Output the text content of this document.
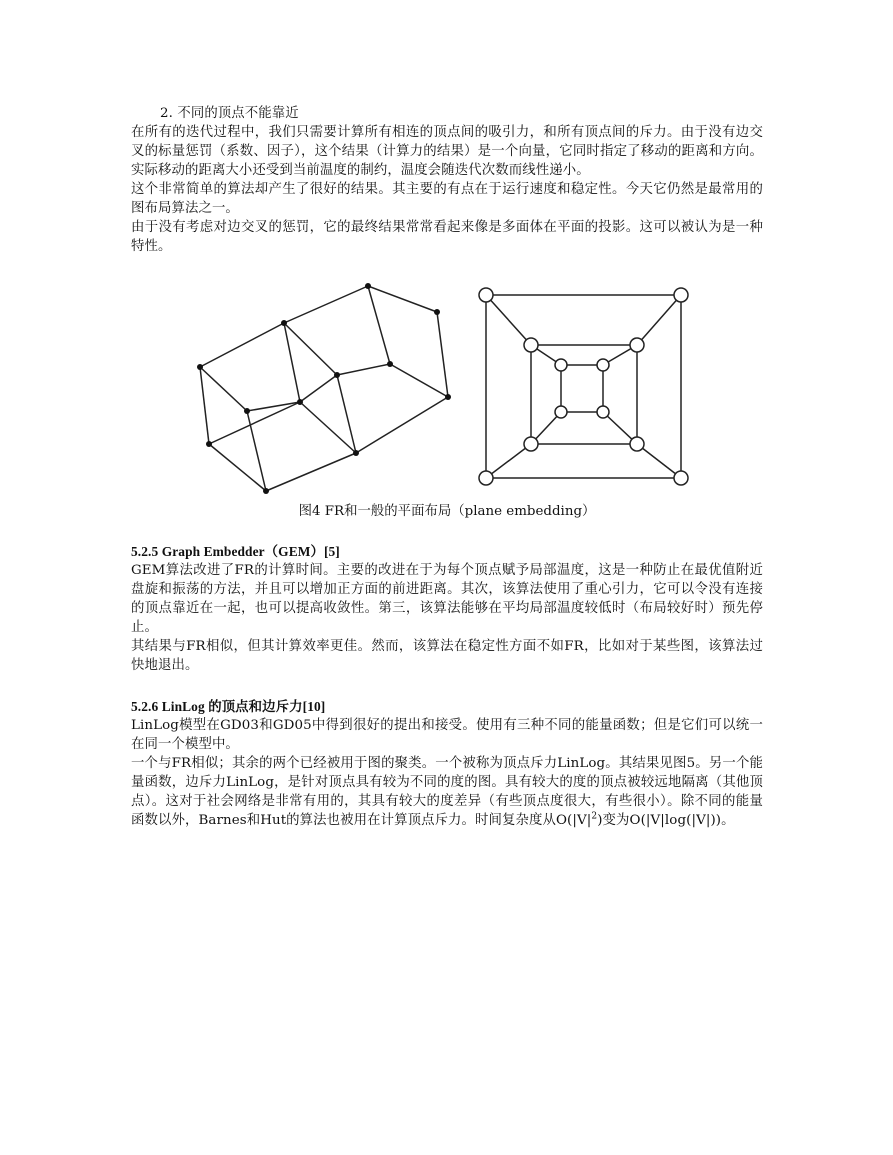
2. 不同的顶点不能靠近

在所有的迭代过程中，我们只需要计算所有相连的顶点间的吸引力，和所有顶点间的斥力。由于没有边交叉的标量惩罚（系数、因子），这个结果（计算力的结果）是一个向量，它同时指定了移动的距离和方向。实际移动的距离大小还受到当前温度的制约，温度会随迭代次数而线性递小。

这个非常简单的算法却产生了很好的结果。其主要的有点在于运行速度和稳定性。今天它仍然是最常用的图布局算法之一。

由于没有考虑对边交叉的惩罚，它的最终结果常常看起来像是多面体在平面的投影。这可以被认为是一种特性。

图4 FR和一般的平面布局（plane embedding）

5.2.5 Graph Embedder（GEM）[5]

GEM算法改进了FR的计算时间。主要的改进在于为每个顶点赋予局部温度，这是一种防止在最优值附近盘旋和振荡的方法，并且可以增加正方面的前进距离。其次，该算法使用了重心引力，它可以令没有连接的顶点靠近在一起，也可以提高收敛性。第三，该算法能够在平均局部温度较低时（布局较好时）预先停止。

其结果与FR相似，但其计算效率更佳。然而，该算法在稳定性方面不如FR，比如对于某些图，该算法过快地退出。

5.2.6 LinLog 的顶点和边斥力[10]

LinLog模型在GD03和GD05中得到很好的提出和接受。使用有三种不同的能量函数；但是它们可以统一在同一个模型中。

一个与FR相似；其余的两个已经被用于图的聚类。一个被称为顶点斥力LinLog。其结果见图5。另一个能量函数，边斥力LinLog，是针对顶点具有较为不同的度的图。具有较大的度的顶点被较远地隔离（其他顶点）。这对于社会网络是非常有用的，其具有较大的度差异（有些顶点度很大，有些很小）。除不同的能量函数以外，Barnes和Hut的算法也被用在计算顶点斥力。时间复杂度从$O(|V|^2)$变为O(|V|log(|V|))。
